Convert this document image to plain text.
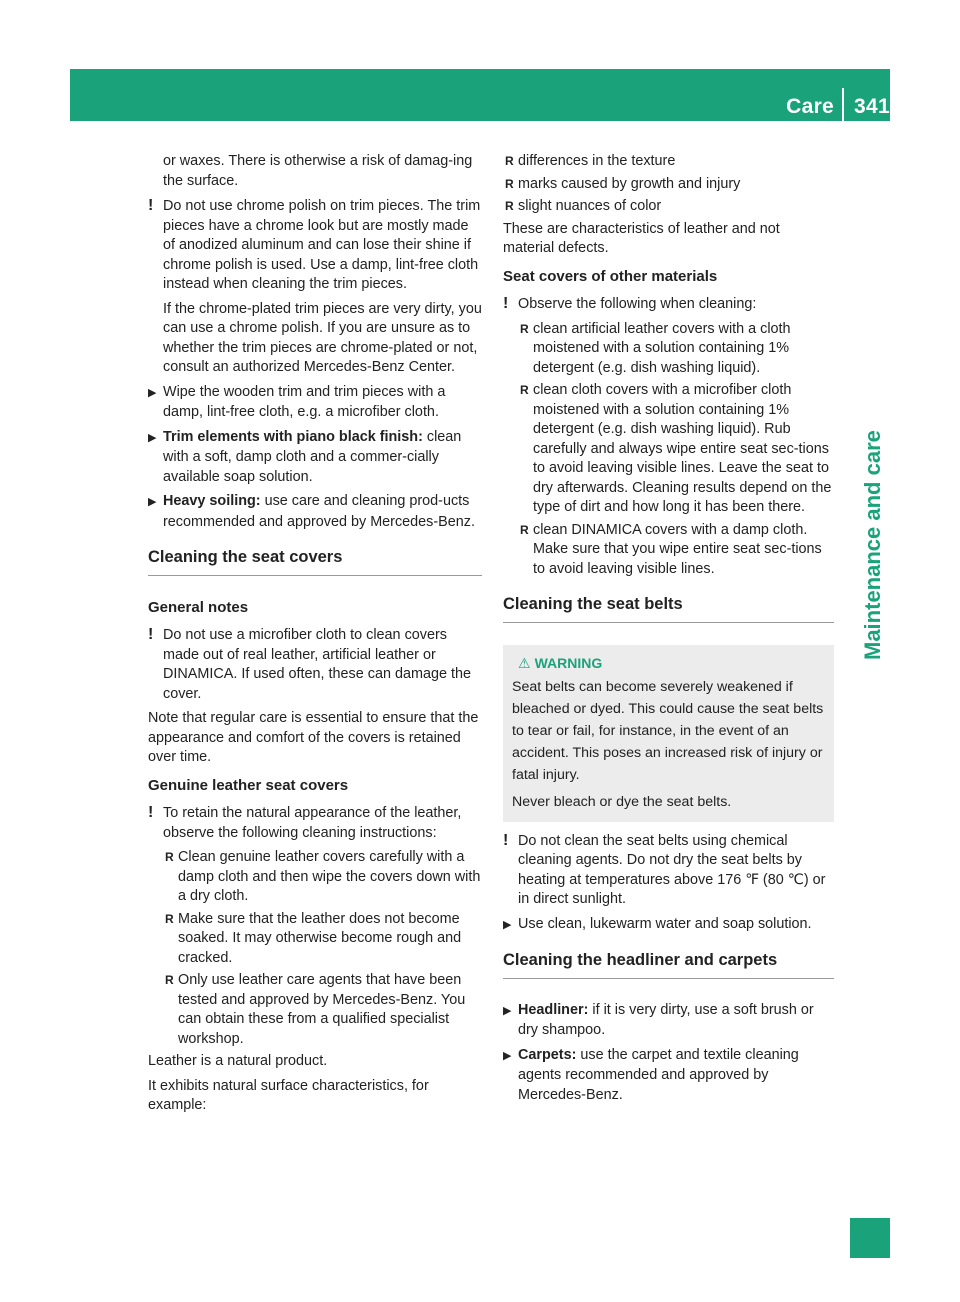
Care 341
Maintenance and care

or waxes. There is otherwise a risk of damag-ing the surface.

! Do not use chrome polish on trim pieces. The trim pieces have a chrome look but are mostly made of anodized aluminum and can lose their shine if chrome polish is used. Use a damp, lint-free cloth instead when cleaning the trim pieces.

If the chrome-plated trim pieces are very dirty, you can use a chrome polish. If you are unsure as to whether the trim pieces are chrome-plated or not, consult an authorized Mercedes-Benz Center.

▶ Wipe the wooden trim and trim pieces with a damp, lint-free cloth, e.g. a microfiber cloth.

▶ Trim elements with piano black finish: clean with a soft, damp cloth and a commer-cially available soap solution.

▶ Heavy soiling: use care and cleaning prod-ucts recommended and approved by Mercedes-Benz.

Cleaning the seat covers
General notes

! Do not use a microfiber cloth to clean covers made out of real leather, artificial leather or DINAMICA. If used often, these can damage the cover.

Note that regular care is essential to ensure that the appearance and comfort of the covers is retained over time.

Genuine leather seat covers

! To retain the natural appearance of the leather, observe the following cleaning instructions:

R Clean genuine leather covers carefully with a damp cloth and then wipe the covers down with a dry cloth.
R Make sure that the leather does not become soaked. It may otherwise become rough and cracked.
R Only use leather care agents that have been tested and approved by Mercedes-Benz. You can obtain these from a qualified specialist workshop.

Leather is a natural product.

It exhibits natural surface characteristics, for example:

R differences in the texture
R marks caused by growth and injury
R slight nuances of color

These are characteristics of leather and not material defects.

Seat covers of other materials

! Observe the following when cleaning:

R clean artificial leather covers with a cloth moistened with a solution containing 1% detergent (e.g. dish washing liquid).
R clean cloth covers with a microfiber cloth moistened with a solution containing 1% detergent (e.g. dish washing liquid). Rub carefully and always wipe entire seat sec-tions to avoid leaving visible lines. Leave the seat to dry afterwards. Cleaning results depend on the type of dirt and how long it has been there.
R clean DINAMICA covers with a damp cloth. Make sure that you wipe entire seat sec-tions to avoid leaving visible lines.
Cleaning the seat belts
⚠ WARNING
Seat belts can become severely weakened if bleached or dyed. This could cause the seat belts to tear or fail, for instance, in the event of an accident. This poses an increased risk of injury or fatal injury.
Never bleach or dye the seat belts.

! Do not clean the seat belts using chemical cleaning agents. Do not dry the seat belts by heating at temperatures above 176 ℉ (80 ℃) or in direct sunlight.

▶ Use clean, lukewarm water and soap solution.

Cleaning the headliner and carpets

▶ Headliner: if it is very dirty, use a soft brush or dry shampoo.

▶ Carpets: use the carpet and textile cleaning agents recommended and approved by Mercedes-Benz.
